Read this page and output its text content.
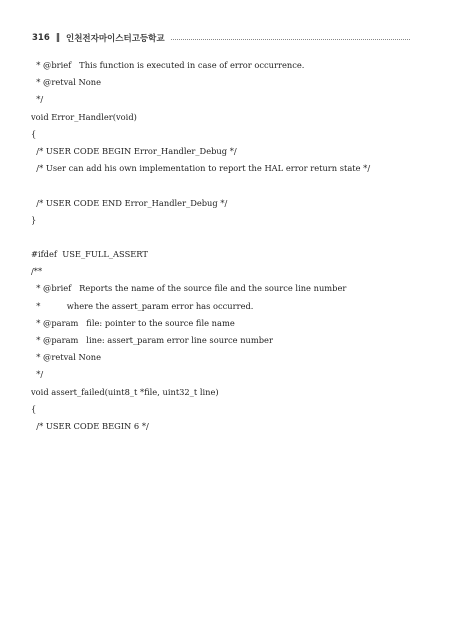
316 ‖ 인천전자마이스터고등학교
* @brief   This function is executed in case of error occurrence.
* @retval None
*/
void Error_Handler(void)
{
/* USER CODE BEGIN Error_Handler_Debug */
/* User can add his own implementation to report the HAL error return state */
/* USER CODE END Error_Handler_Debug */
}
#ifdef  USE_FULL_ASSERT
/**
* @brief   Reports the name of the source file and the source line number
*          where the assert_param error has occurred.
* @param   file: pointer to the source file name
* @param   line: assert_param error line source number
* @retval None
*/
void assert_failed(uint8_t *file, uint32_t line)
{
/* USER CODE BEGIN 6 */
